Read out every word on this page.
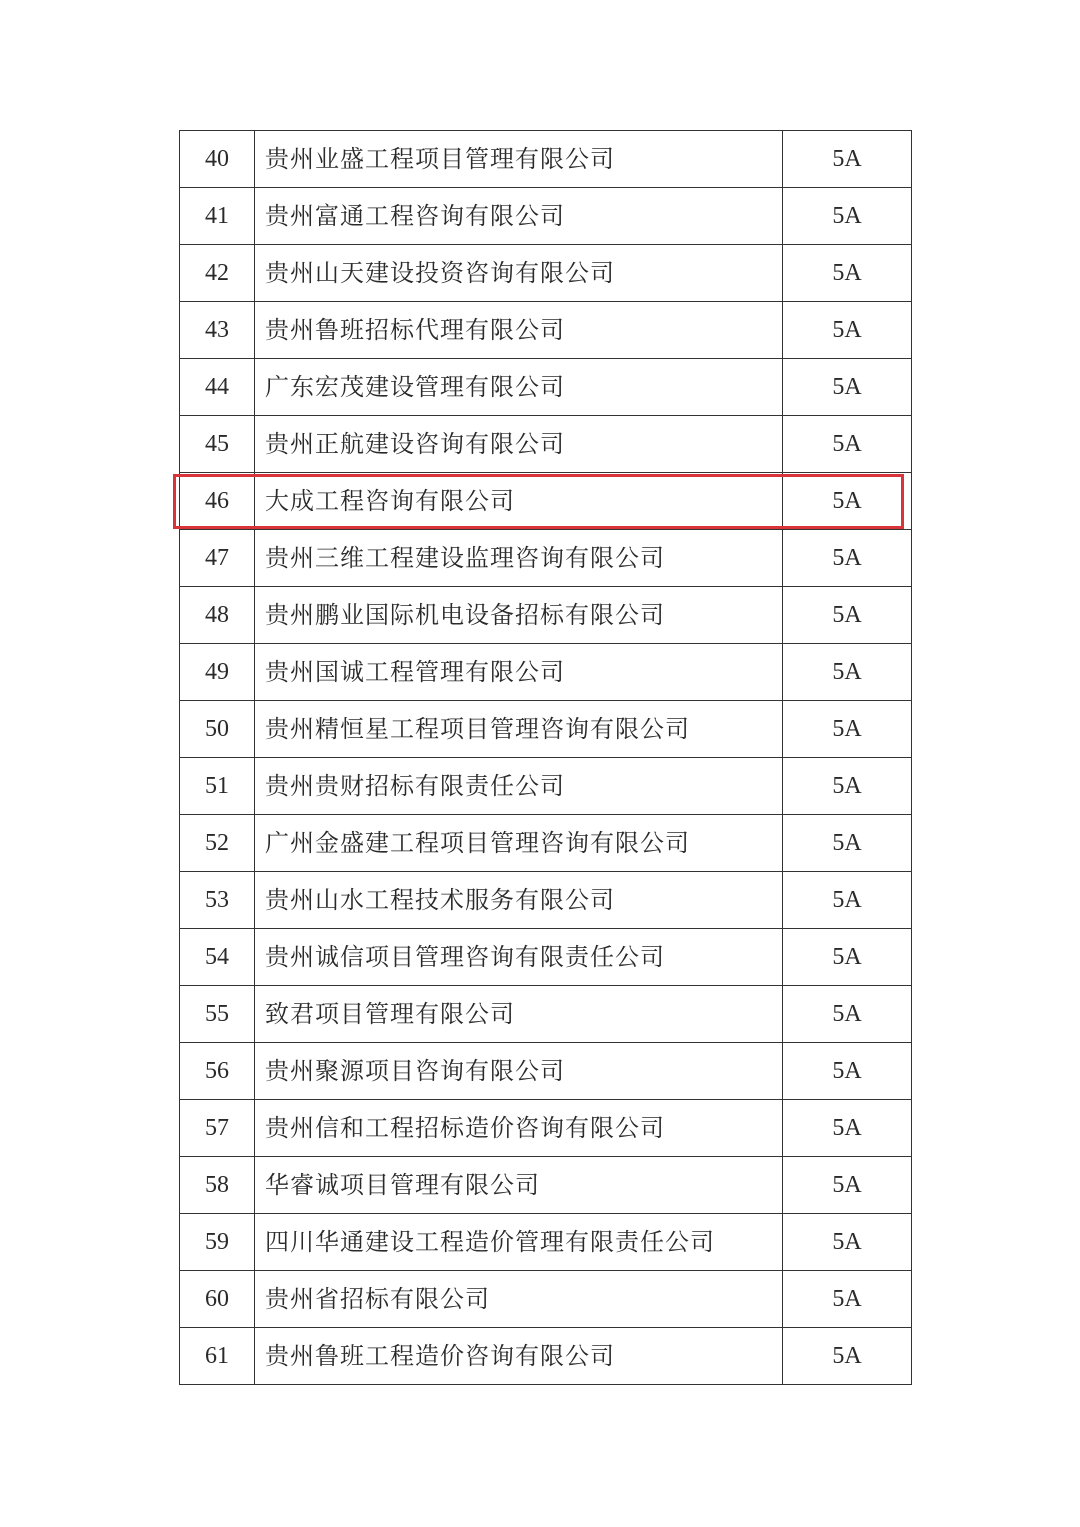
40	贵州业盛工程项目管理有限公司	5A
41	贵州富通工程咨询有限公司	5A
42	贵州山天建设投资咨询有限公司	5A
43	贵州鲁班招标代理有限公司	5A
44	广东宏茂建设管理有限公司	5A
45	贵州正航建设咨询有限公司	5A
46	大成工程咨询有限公司	5A
47	贵州三维工程建设监理咨询有限公司	5A
48	贵州鹏业国际机电设备招标有限公司	5A
49	贵州国诚工程管理有限公司	5A
50	贵州精恒星工程项目管理咨询有限公司	5A
51	贵州贵财招标有限责任公司	5A
52	广州金盛建工程项目管理咨询有限公司	5A
53	贵州山水工程技术服务有限公司	5A
54	贵州诚信项目管理咨询有限责任公司	5A
55	致君项目管理有限公司	5A
56	贵州聚源项目咨询有限公司	5A
57	贵州信和工程招标造价咨询有限公司	5A
58	华睿诚项目管理有限公司	5A
59	四川华通建设工程造价管理有限责任公司	5A
60	贵州省招标有限公司	5A
61	贵州鲁班工程造价咨询有限公司	5A
